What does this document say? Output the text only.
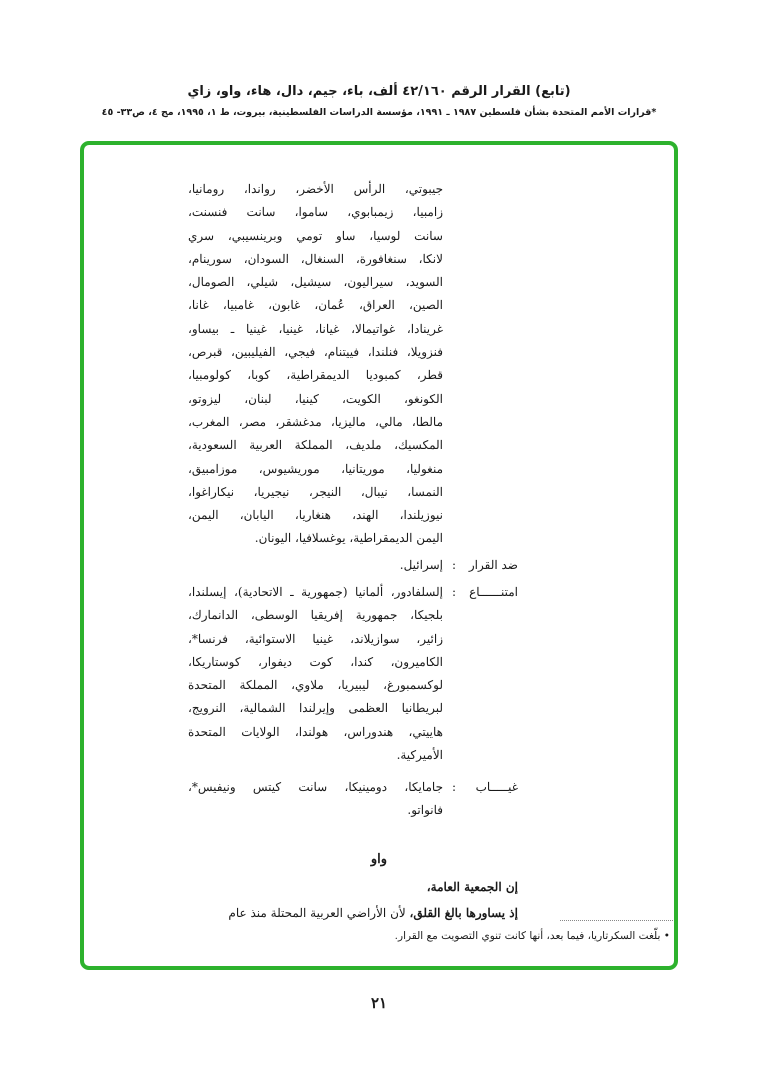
(تابع) القرار الرقم ٤٢/١٦٠ ألف، باء، جيم، دال، هاء، واو، زاي
*قرارات الأمم المتحدة بشأن فلسطين ١٩٨٧ ـ ١٩٩١، مؤسسة الدراسات الفلسطينية، بيروت، ط ١، ١٩٩٥، مج ٤، ص٣٣- ٤٥
جيبوتي، الرأس الأخضر، رواندا، رومانيا،
زامبيا، زيمبابوي، ساموا، سانت فنسنت،
سانت لوسيا، ساو تومي وبرينسيبي، سري
لانكا، سنغافورة، السنغال، السودان، سورينام،
السويد، سيراليون، سيشيل، شيلي، الصومال،
الصين، العراق، عُمان، غابون، غامبيا، غانا،
غرينادا، غواتيمالا، غيانا، غينيا، غينيا ـ بيساو،
فنزويلا، فنلندا، فييتنام، فيجي، الفيليبين، قبرص،
قطر، كمبوديا الديمقراطية، كوبا، كولومبيا،
الكونغو، الكويت، كينيا، لبنان، ليزوتو،
مالطا، مالي، ماليزيا، مدغشقر، مصر، المغرب،
المكسيك، ملديف، المملكة العربية السعودية،
منغوليا، موريتانيا، موريشيوس، موزامبيق،
النمسا، نيبال، النيجر، نيجيريا، نيكاراغوا،
نيوزيلندا، الهند، هنغاريا، اليابان، اليمن،
اليمن الديمقراطية، يوغسلافيا، اليونان.
ضد القرار
:
إسرائيل.
امتنــــــاع
:
إلسلفادور، ألمانيا (جمهورية ـ الاتحادية)، إيسلندا،
بلجيكا، جمهورية إفريقيا الوسطى، الدانمارك،
زائير، سوازيلاند، غينيا الاستوائية، فرنسا*،
الكاميرون، كندا، كوت ديفوار، كوستاريكا،
لوكسمبورغ، ليبيريا، ملاوي، المملكة المتحدة
لبريطانيا العظمى وإيرلندا الشمالية، النرويج،
هاييتي، هندوراس، هولندا، الولايات المتحدة
الأميركية.
غيـــــاب
:
جامايكا، دومينيكا، سانت كيتس ونيفيس*،
فانواتو.
واو
إن الجمعية العامة،
إذ يساورها بالغ القلق، لأن الأراضي العربية المحتلة منذ عام
• بلّغت السكرتاريا، فيما بعد، أنها كانت تنوي التصويت مع القرار.
٢١
